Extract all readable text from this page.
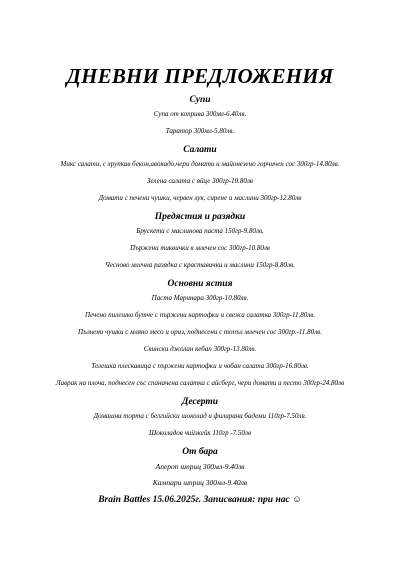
ДНЕВНИ ПРЕДЛОЖЕНИЯ
Супи
Супа от коприва 300мл-6.40лв.
Таратор 300мл-5.80лв.
Салати
Микс салати, с хрупкав бекон,авокадо,чери домати и майонезено горчичен сос 300гр-14.80лв.
Зелена салата с яйце 300гр-10.80лв
Домати с печени чушки, червен лук, сирене и маслини 300гр-12.80лв
Предястия и разядки
Брускети с маслинова паста 150гр-9.80лв.
Пържени тиквички в млечен сос 300гр-10.80лв
Чесново млечна разядка с краставички и маслини 150гр-8.80лв.
Основни ястия
Паста Маринара 300гр-10.80лв.
Печено пилешко бутче с пържени картофки и свежа салатка 300гр-11.80лв.
Пълнени чушки с мляно месо и ориз, поднесени с топъл млечен сос 300гр.-11.80лв.
Свински джолан кебап 300гр-13.80лв.
Телешка плескавица с пържени картофки и чобан салата 300гр-16.80лв.
Лаврак на плоча, поднесен със спаначена салатка с айсберг, чери домати и песто 300гр-24.80лв
Десерти
Домашна торта с белгийски шоколад и филирани бадеми 110гр-7.50лв.
Шоколадов чийзкейк 110гр -7.50лв
От бара
Апероп шприц 300мл-9.40лв
Кампари шприц 300мл-9.40лв
Brain Battles 15.06.2025г. Записвания: при нас ☺
